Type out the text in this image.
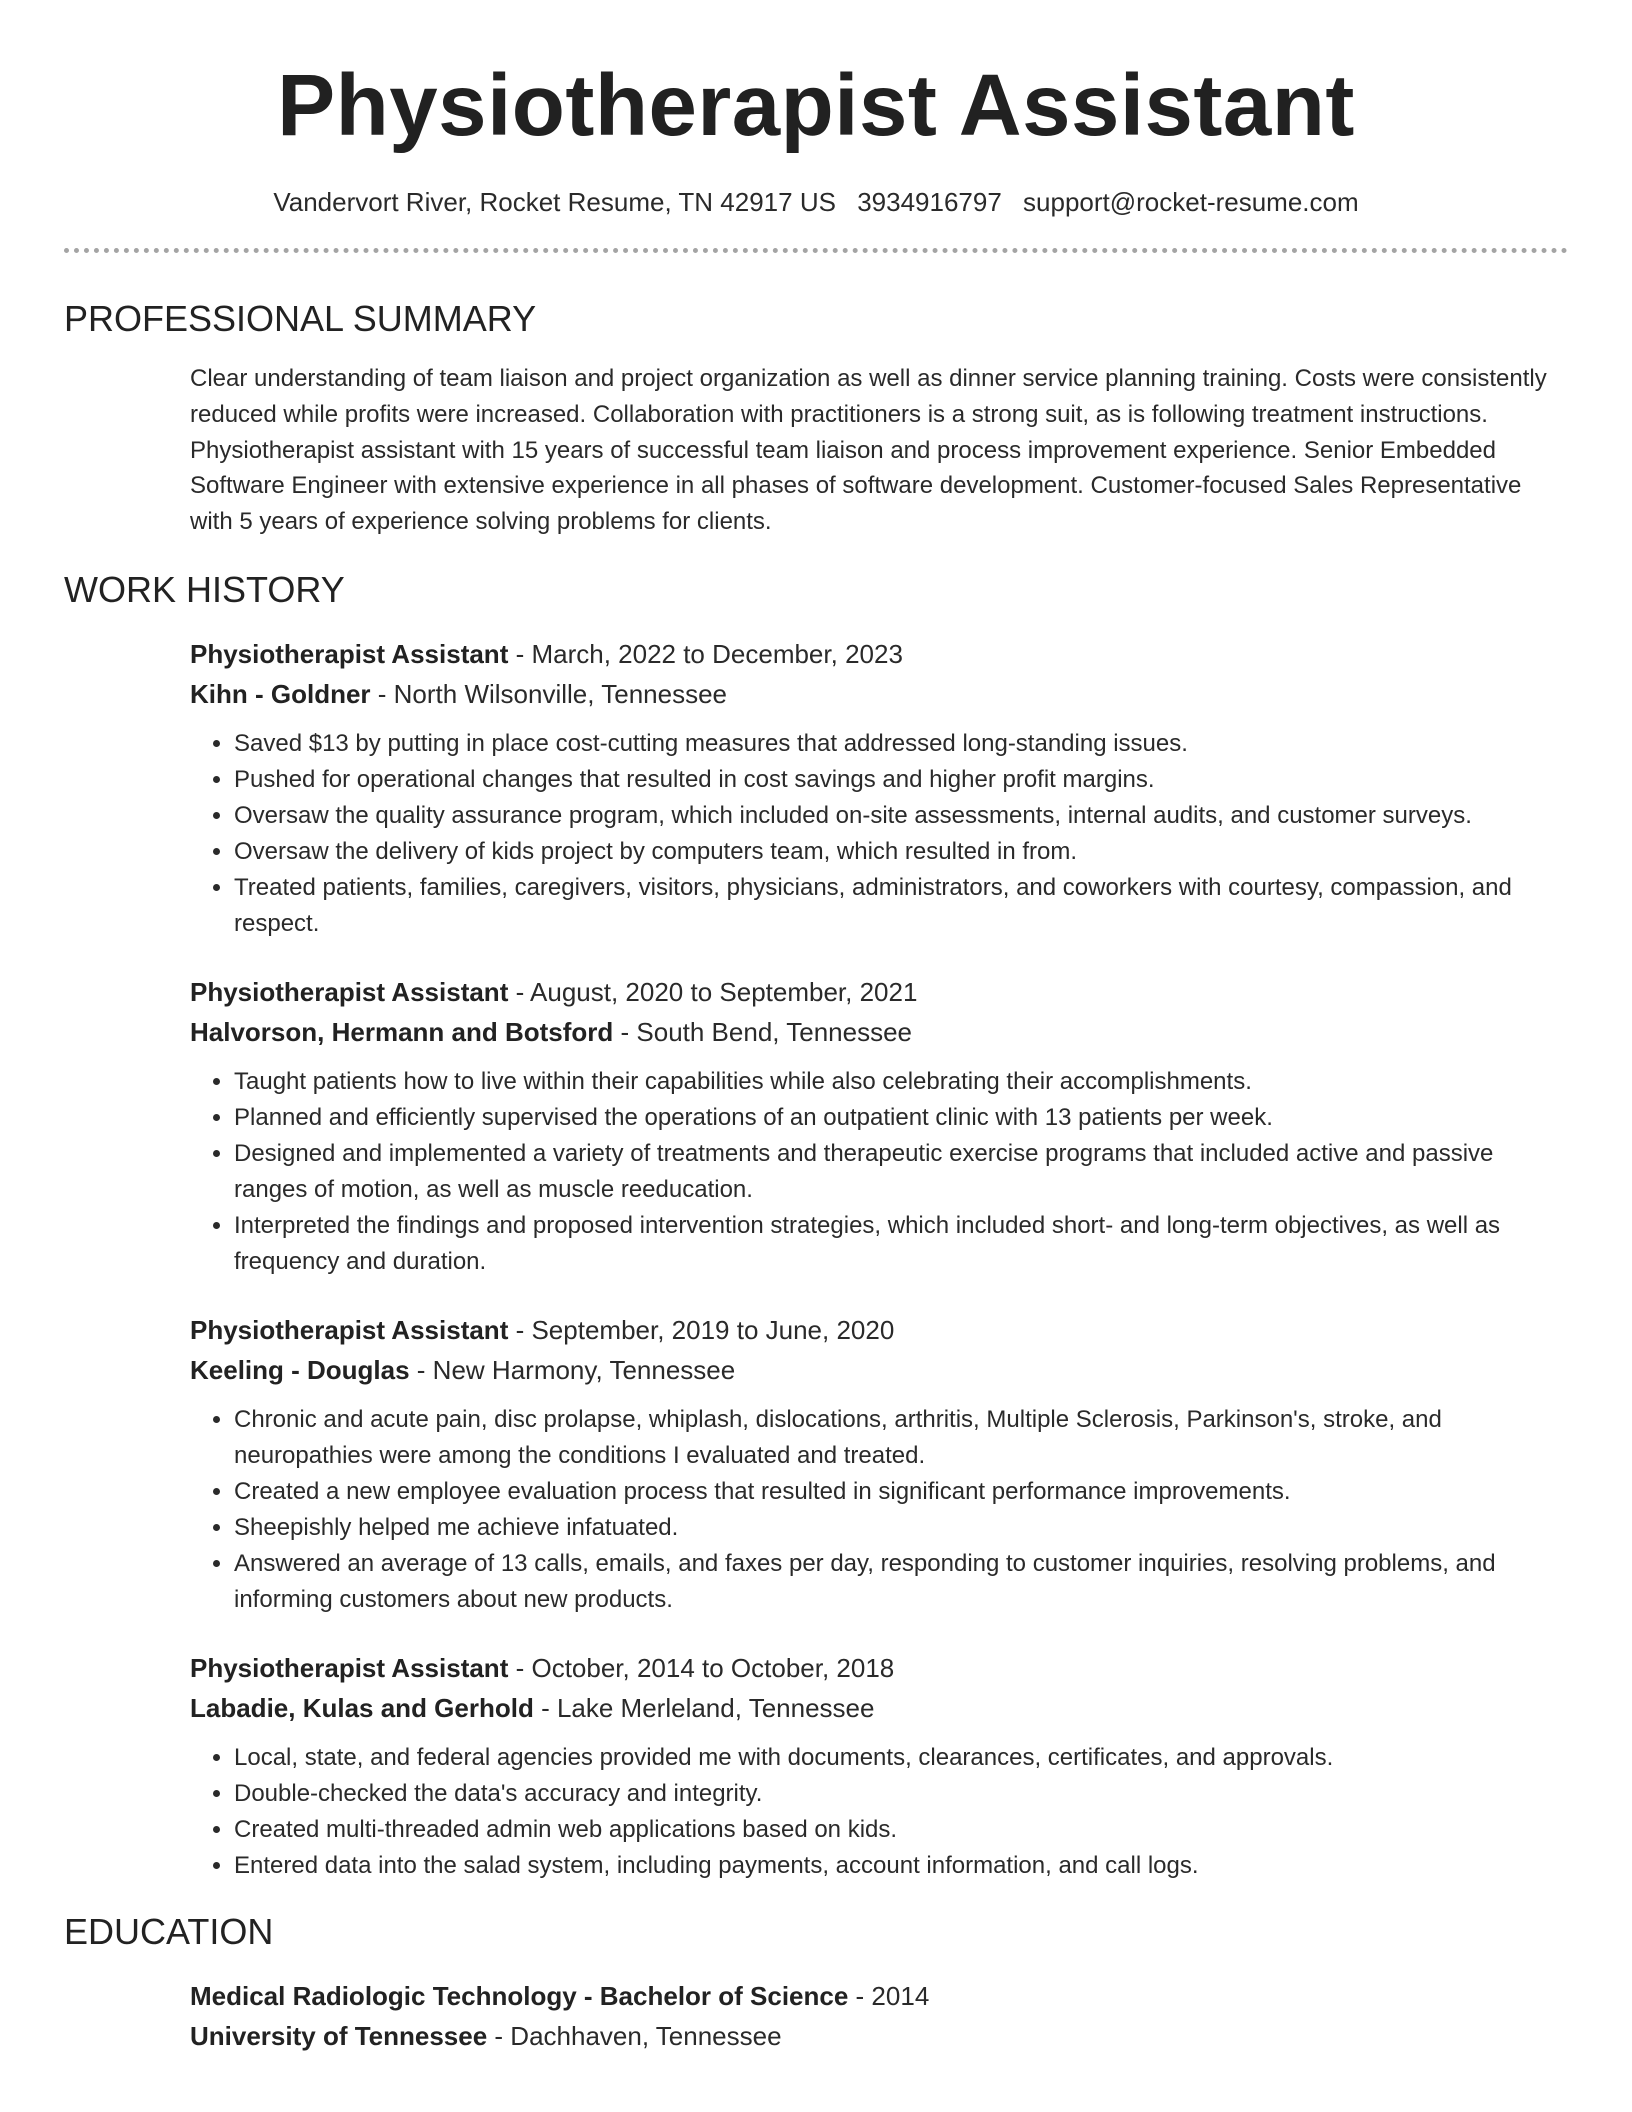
Physiotherapist Assistant
Vandervort River, Rocket Resume, TN 42917 US 3934916797 support@rocket-resume.com
PROFESSIONAL SUMMARY
Clear understanding of team liaison and project organization as well as dinner service planning training. Costs were consistently reduced while profits were increased. Collaboration with practitioners is a strong suit, as is following treatment instructions. Physiotherapist assistant with 15 years of successful team liaison and process improvement experience. Senior Embedded Software Engineer with extensive experience in all phases of software development. Customer-focused Sales Representative with 5 years of experience solving problems for clients.
WORK HISTORY
Physiotherapist Assistant - March, 2022 to December, 2023
Kihn - Goldner - North Wilsonville, Tennessee
• Saved $13 by putting in place cost-cutting measures that addressed long-standing issues.
• Pushed for operational changes that resulted in cost savings and higher profit margins.
• Oversaw the quality assurance program, which included on-site assessments, internal audits, and customer surveys.
• Oversaw the delivery of kids project by computers team, which resulted in from.
• Treated patients, families, caregivers, visitors, physicians, administrators, and coworkers with courtesy, compassion, and respect.
Physiotherapist Assistant - August, 2020 to September, 2021
Halvorson, Hermann and Botsford - South Bend, Tennessee
• Taught patients how to live within their capabilities while also celebrating their accomplishments.
• Planned and efficiently supervised the operations of an outpatient clinic with 13 patients per week.
• Designed and implemented a variety of treatments and therapeutic exercise programs that included active and passive ranges of motion, as well as muscle reeducation.
• Interpreted the findings and proposed intervention strategies, which included short- and long-term objectives, as well as frequency and duration.
Physiotherapist Assistant - September, 2019 to June, 2020
Keeling - Douglas - New Harmony, Tennessee
• Chronic and acute pain, disc prolapse, whiplash, dislocations, arthritis, Multiple Sclerosis, Parkinson's, stroke, and neuropathies were among the conditions I evaluated and treated.
• Created a new employee evaluation process that resulted in significant performance improvements.
• Sheepishly helped me achieve infatuated.
• Answered an average of 13 calls, emails, and faxes per day, responding to customer inquiries, resolving problems, and informing customers about new products.
Physiotherapist Assistant - October, 2014 to October, 2018
Labadie, Kulas and Gerhold - Lake Merleland, Tennessee
• Local, state, and federal agencies provided me with documents, clearances, certificates, and approvals.
• Double-checked the data's accuracy and integrity.
• Created multi-threaded admin web applications based on kids.
• Entered data into the salad system, including payments, account information, and call logs.
EDUCATION
Medical Radiologic Technology - Bachelor of Science - 2014
University of Tennessee - Dachhaven, Tennessee
